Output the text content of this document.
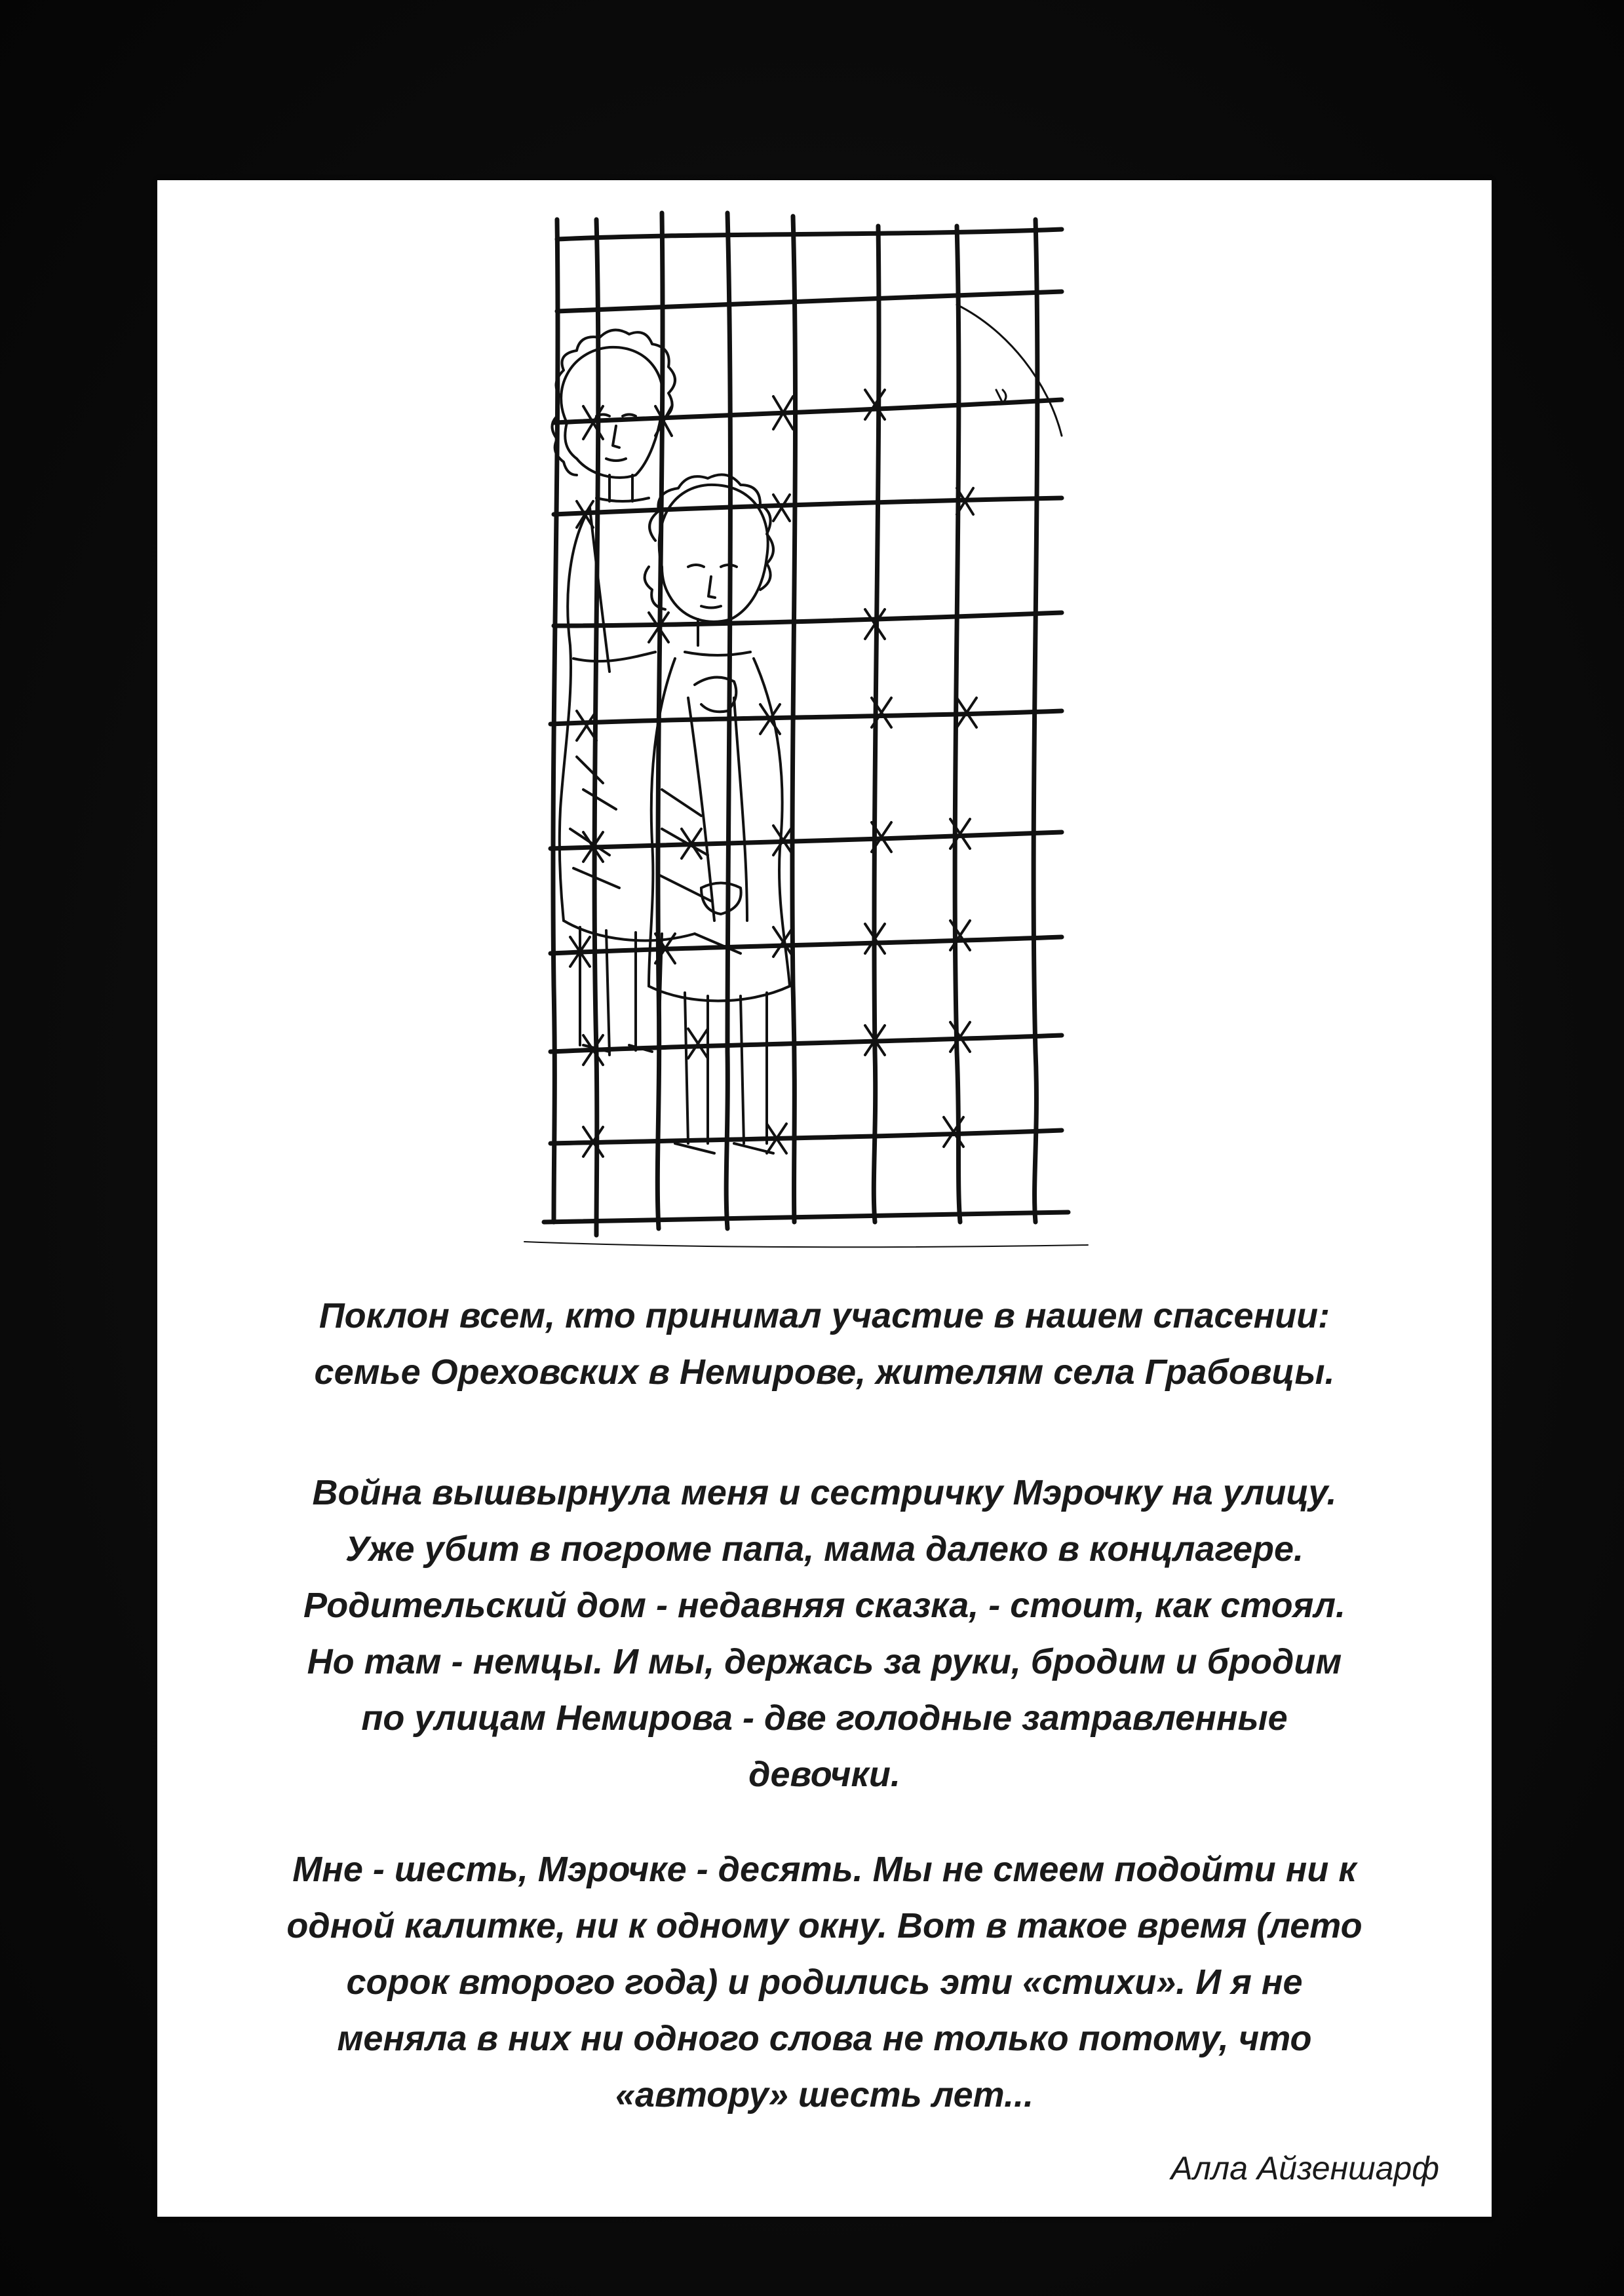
Поклон всем, кто принимал участие в нашем спасении:

семье Ореховских в Немирове, жителям села Грабовцы.

Война вышвырнула меня и сестричку Мэрочку на улицу.

Уже убит в погроме папа, мама далеко в концлагере.

Родительский дом - недавняя сказка, - стоит, как стоял.

Но там - немцы. И мы, держась за руки, бродим и бродим

по улицам Немирова - две голодные затравленные

девочки.

Мне - шесть, Мэрочке - десять. Мы не смеем подойти ни к

одной калитке, ни к одному окну. Вот в такое время (лето

сорок второго года) и родились эти «стихи». И я не

меняла в них ни одного слова не только потому, что

«автору» шесть лет...

Алла Айзеншарф
